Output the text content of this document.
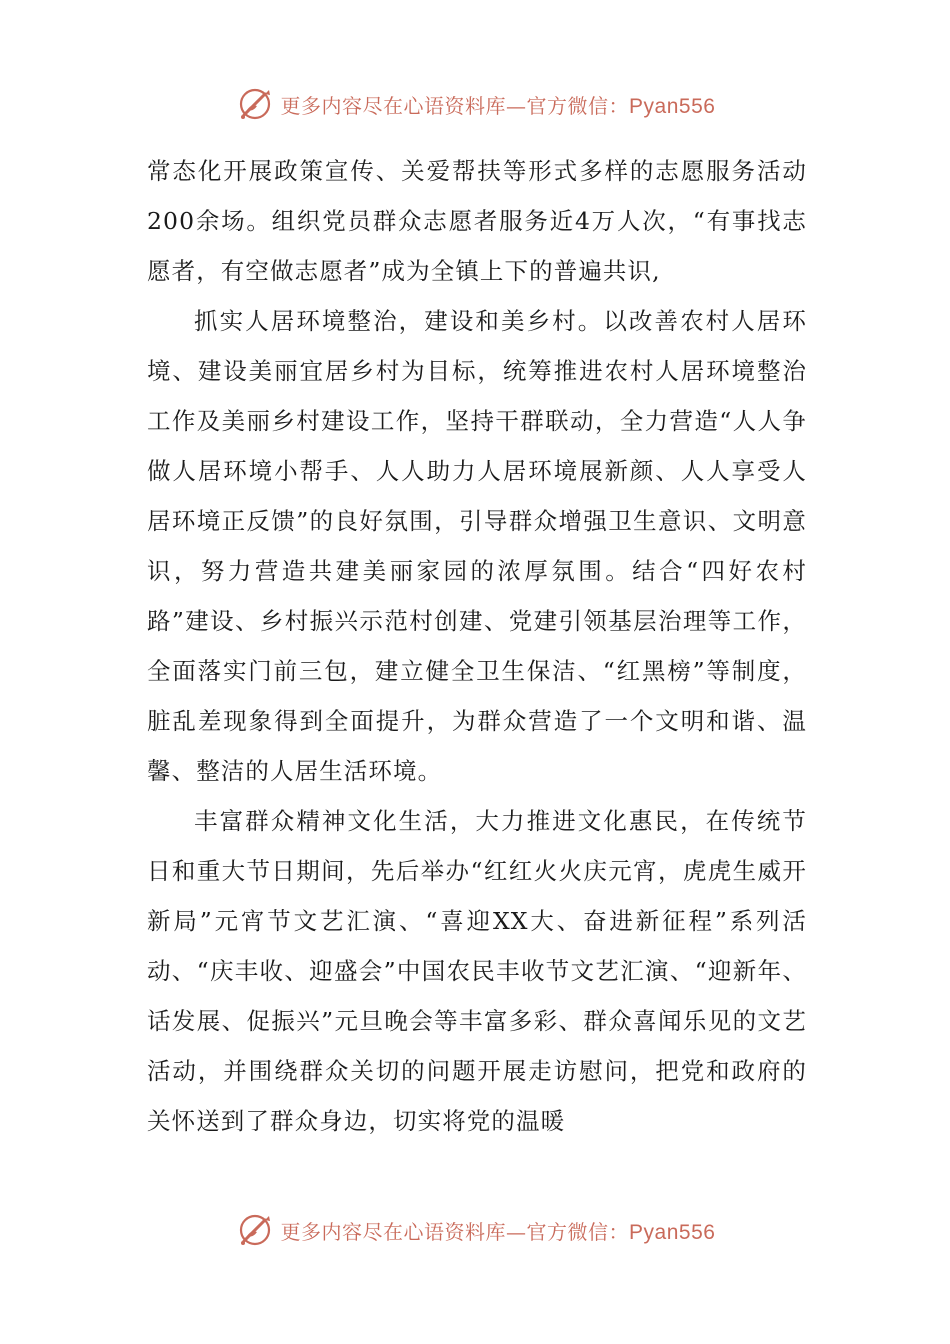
更多内容尽在心语资料库—官方微信：Pyan556

常态化开展政策宣传、关爱帮扶等形式多样的志愿服务活动200余场。组织党员群众志愿者服务近4万人次，“有事找志愿者，有空做志愿者”成为全镇上下的普遍共识,

抓实人居环境整治，建设和美乡村。以改善农村人居环境、建设美丽宜居乡村为目标，统筹推进农村人居环境整治工作及美丽乡村建设工作，坚持干群联动，全力营造“人人争做人居环境小帮手、人人助力人居环境展新颜、人人享受人居环境正反馈”的良好氛围，引导群众增强卫生意识、文明意识，努力营造共建美丽家园的浓厚氛围。结合“四好农村路”建设、乡村振兴示范村创建、党建引领基层治理等工作，全面落实门前三包，建立健全卫生保洁、“红黑榜”等制度，脏乱差现象得到全面提升，为群众营造了一个文明和谐、温馨、整洁的人居生活环境。

丰富群众精神文化生活，大力推进文化惠民，在传统节日和重大节日期间，先后举办“红红火火庆元宵，虎虎生威开新局”元宵节文艺汇演、“喜迎XX大、奋进新征程”系列活动、“庆丰收、迎盛会”中国农民丰收节文艺汇演、“迎新年、话发展、促振兴”元旦晚会等丰富多彩、群众喜闻乐见的文艺活动，并围绕群众关切的问题开展走访慰问，把党和政府的关怀送到了群众身边，切实将党的温暖

更多内容尽在心语资料库—官方微信：Pyan556
